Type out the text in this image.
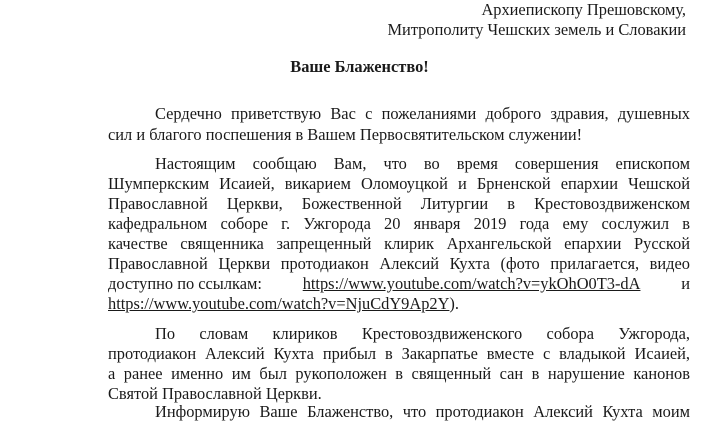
Архиепископу Прешовскому,

Митрополиту Чешских земель и Словакии

Ваше Блаженство!

Сердечно приветствую Вас с пожеланиями доброго здравия, душевных

сил и благого поспешения в Вашем Первосвятительском служении!

Настоящим сообщаю Вам, что во время совершения епископом

Шумперкским Исаией, викарием Оломоуцкой и Брненской епархии Чешской

Православной Церкви, Божественной Литургии в Крестовоздвиженском

кафедральном соборе г. Ужгорода 20 января 2019 года ему сослужил в

качестве священника запрещенный клирик Архангельской епархии Русской

Православной Церкви протодиакон Алексий Кухта (фото прилагается, видео

доступно по ссылкам: https://www.youtube.com/watch?v=ykOhO0T3-dA и
https://www.youtube.com/watch?v=NjuCdY9Ap2Y).

По словам клириков Крестовоздвиженского собора Ужгорода,

протодиакон Алексий Кухта прибыл в Закарпатье вместе с владыкой Исаией,

а ранее именно им был рукоположен в священный сан в нарушение канонов

Святой Православной Церкви.

Информирую Ваше Блаженство, что протодиакон Алексий Кухта моим
